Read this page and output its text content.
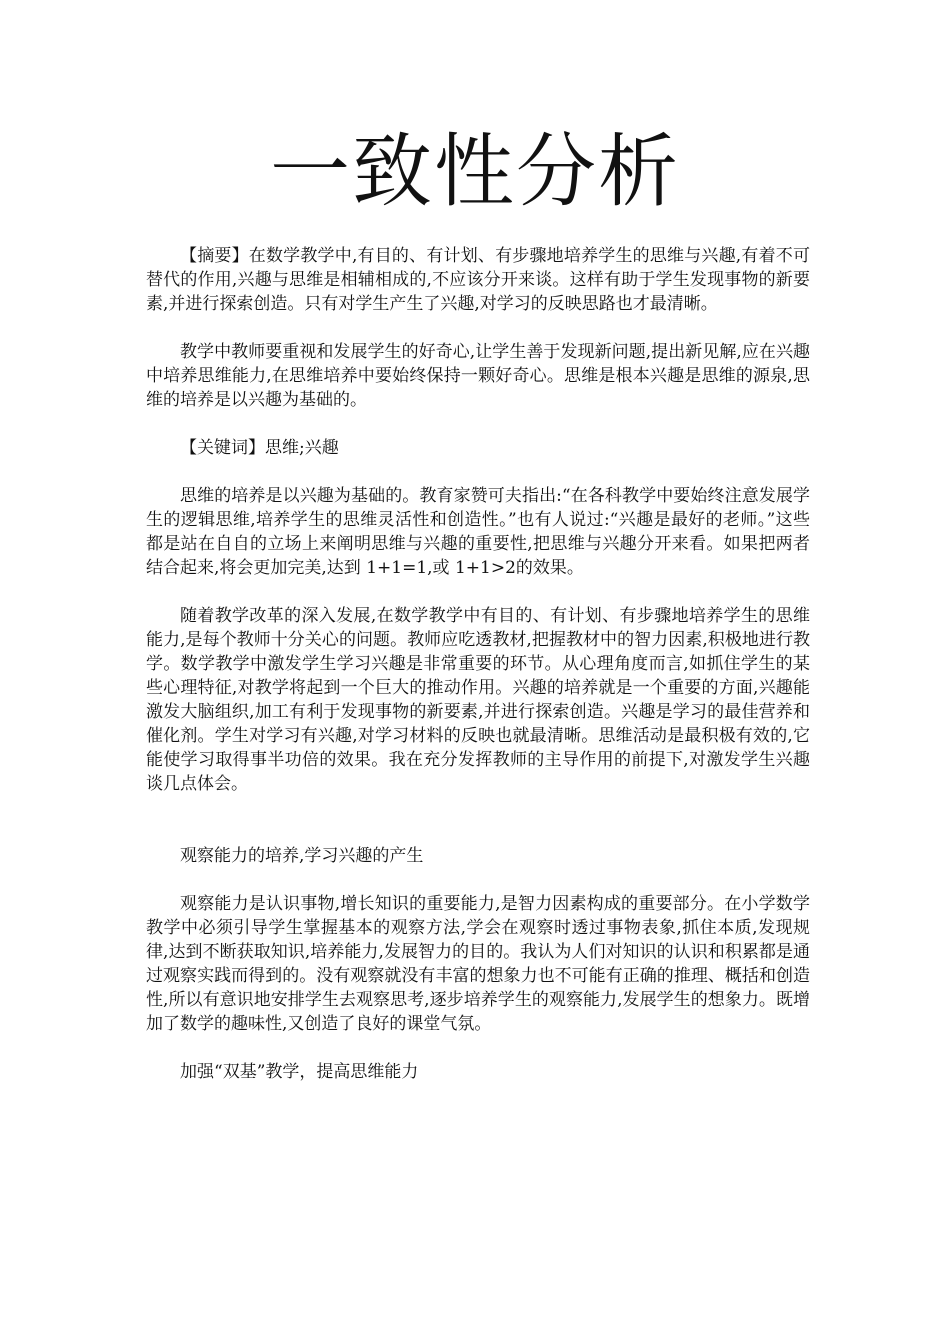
一致性分析

【摘要】在数学教学中,有目的、有计划、有步骤地培养学生的思维与兴趣,有着不可替代的作用,兴趣与思维是相辅相成的,不应该分开来谈。这样有助于学生发现事物的新要素,并进行探索创造。只有对学生产生了兴趣,对学习的反映思路也才最清晰。

教学中教师要重视和发展学生的好奇心,让学生善于发现新问题,提出新见解,应在兴趣中培养思维能力,在思维培养中要始终保持一颗好奇心。思维是根本兴趣是思维的源泉,思维的培养是以兴趣为基础的。

【关键词】思维;兴趣

思维的培养是以兴趣为基础的。教育家赞可夫指出:“在各科教学中要始终注意发展学生的逻辑思维,培养学生的思维灵活性和创造性。”也有人说过:“兴趣是最好的老师。”这些都是站在自自的立场上来阐明思维与兴趣的重要性,把思维与兴趣分开来看。如果把两者结合起来,将会更加完美,达到 1+1=1,或 1+1>2的效果。

随着教学改革的深入发展,在数学教学中有目的、有计划、有步骤地培养学生的思维能力,是每个教师十分关心的问题。教师应吃透教材,把握教材中的智力因素,积极地进行教学。数学教学中激发学生学习兴趣是非常重要的环节。从心理角度而言,如抓住学生的某些心理特征,对教学将起到一个巨大的推动作用。兴趣的培养就是一个重要的方面,兴趣能激发大脑组织,加工有利于发现事物的新要素,并进行探索创造。兴趣是学习的最佳营养和催化剂。学生对学习有兴趣,对学习材料的反映也就最清晰。思维活动是最积极有效的,它能使学习取得事半功倍的效果。我在充分发挥教师的主导作用的前提下,对激发学生兴趣谈几点体会。

观察能力的培养,学习兴趣的产生

观察能力是认识事物,增长知识的重要能力,是智力因素构成的重要部分。在小学数学教学中必须引导学生掌握基本的观察方法,学会在观察时透过事物表象,抓住本质,发现规律,达到不断获取知识,培养能力,发展智力的目的。我认为人们对知识的认识和积累都是通过观察实践而得到的。没有观察就没有丰富的想象力也不可能有正确的推理、概括和创造性,所以有意识地安排学生去观察思考,逐步培养学生的观察能力,发展学生的想象力。既增加了数学的趣味性,又创造了良好的课堂气氛。

加强“双基”教学，提高思维能力
